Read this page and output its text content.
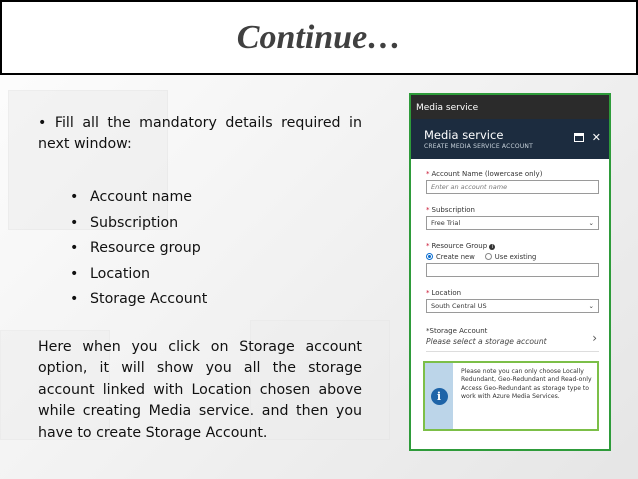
Continue…
• Fill all the mandatory details required in next window:
• Account name
• Subscription
• Resource group
• Location
• Storage Account
Here when you click on Storage account option, it will show you all the storage account linked with Location chosen above while creating Media service. and then you have to create Storage Account.
Media service
Media service
CREATE MEDIA SERVICE ACCOUNT
✕
* Account Name (lowercase only)
Enter an account name
* Subscription
Free Trial	⌄
* Resource Group i
Create new	Use existing
* Location
South Central US	⌄
*Storage Account
Please select a storage account	›
i
Please note you can only choose Locally Redundant, Geo-Redundant and Read-only Access Geo-Redundant as storage type to work with Azure Media Services.
